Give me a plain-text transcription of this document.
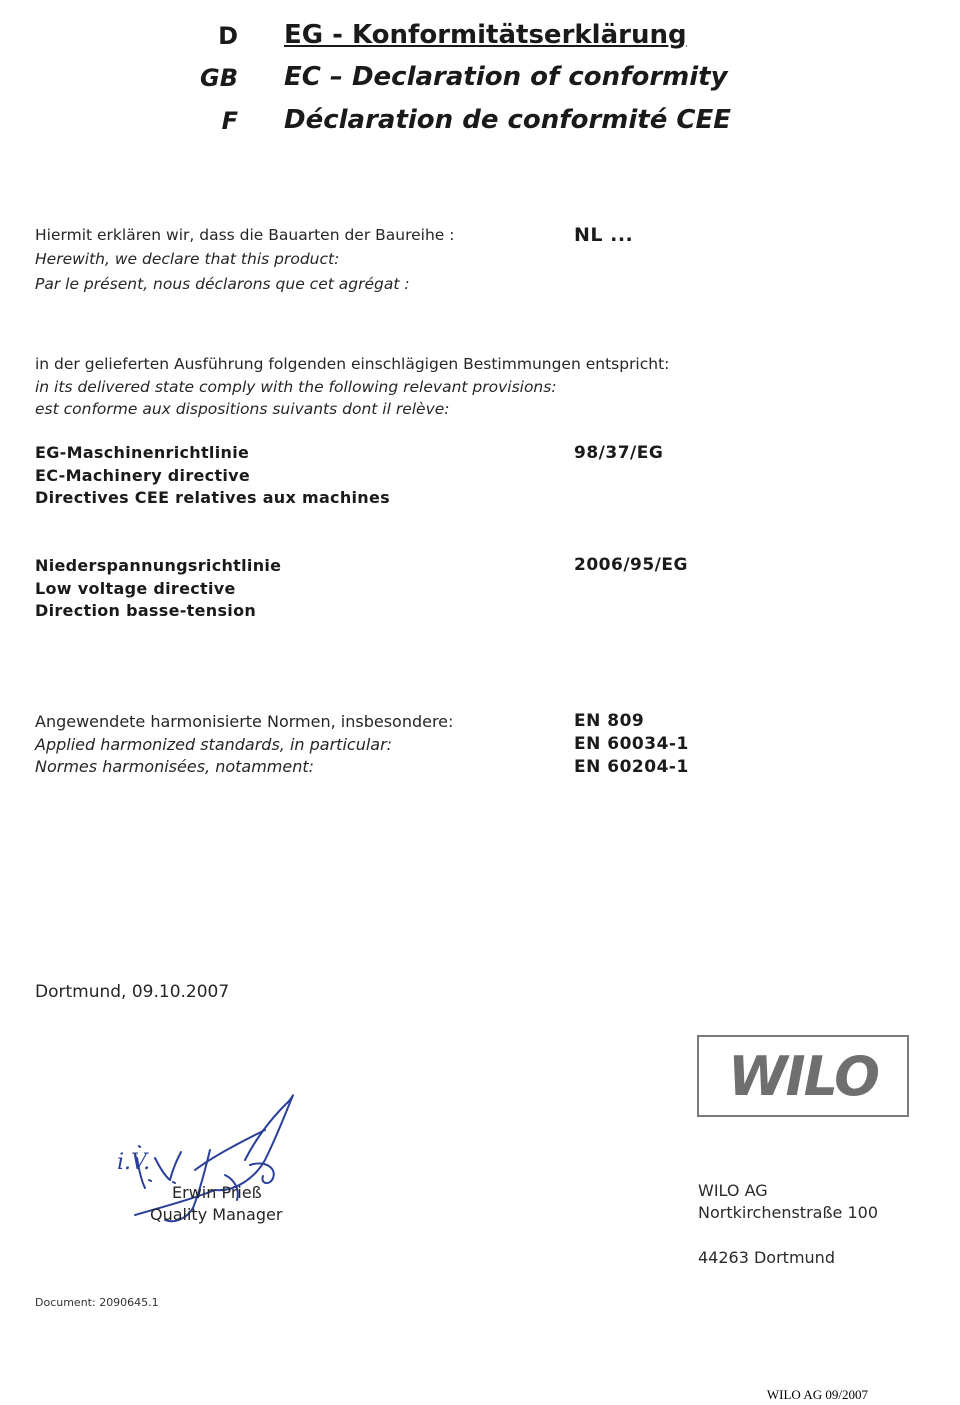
D EG - Konformitätserklärung
GB EC – Declaration of conformity
F Déclaration de conformité CEE
Hiermit erklären wir, dass die Bauarten der Baureihe :
Herewith, we declare that this product:
Par le présent, nous déclarons que cet agrégat :
NL ...
in der gelieferten Ausführung folgenden einschlägigen Bestimmungen entspricht:
in its delivered state comply with the following relevant provisions:
est conforme aux dispositions suivants dont il relève:
EG-Maschinenrichtlinie
EC-Machinery directive
Directives CEE relatives aux machines
98/37/EG
Niederspannungsrichtlinie
Low voltage directive
Direction basse-tension
2006/95/EG
Angewendete harmonisierte Normen, insbesondere:
Applied harmonized standards, in particular:
Normes harmonisées, notamment:
EN 809
EN 60034-1
EN 60204-1
Dortmund, 09.10.2007
WILO
i.V.
Erwin Prieß
Quality Manager
WILO AG
Nortkirchenstraße 100
44263 Dortmund
Document: 2090645.1
WILO AG 09/2007
